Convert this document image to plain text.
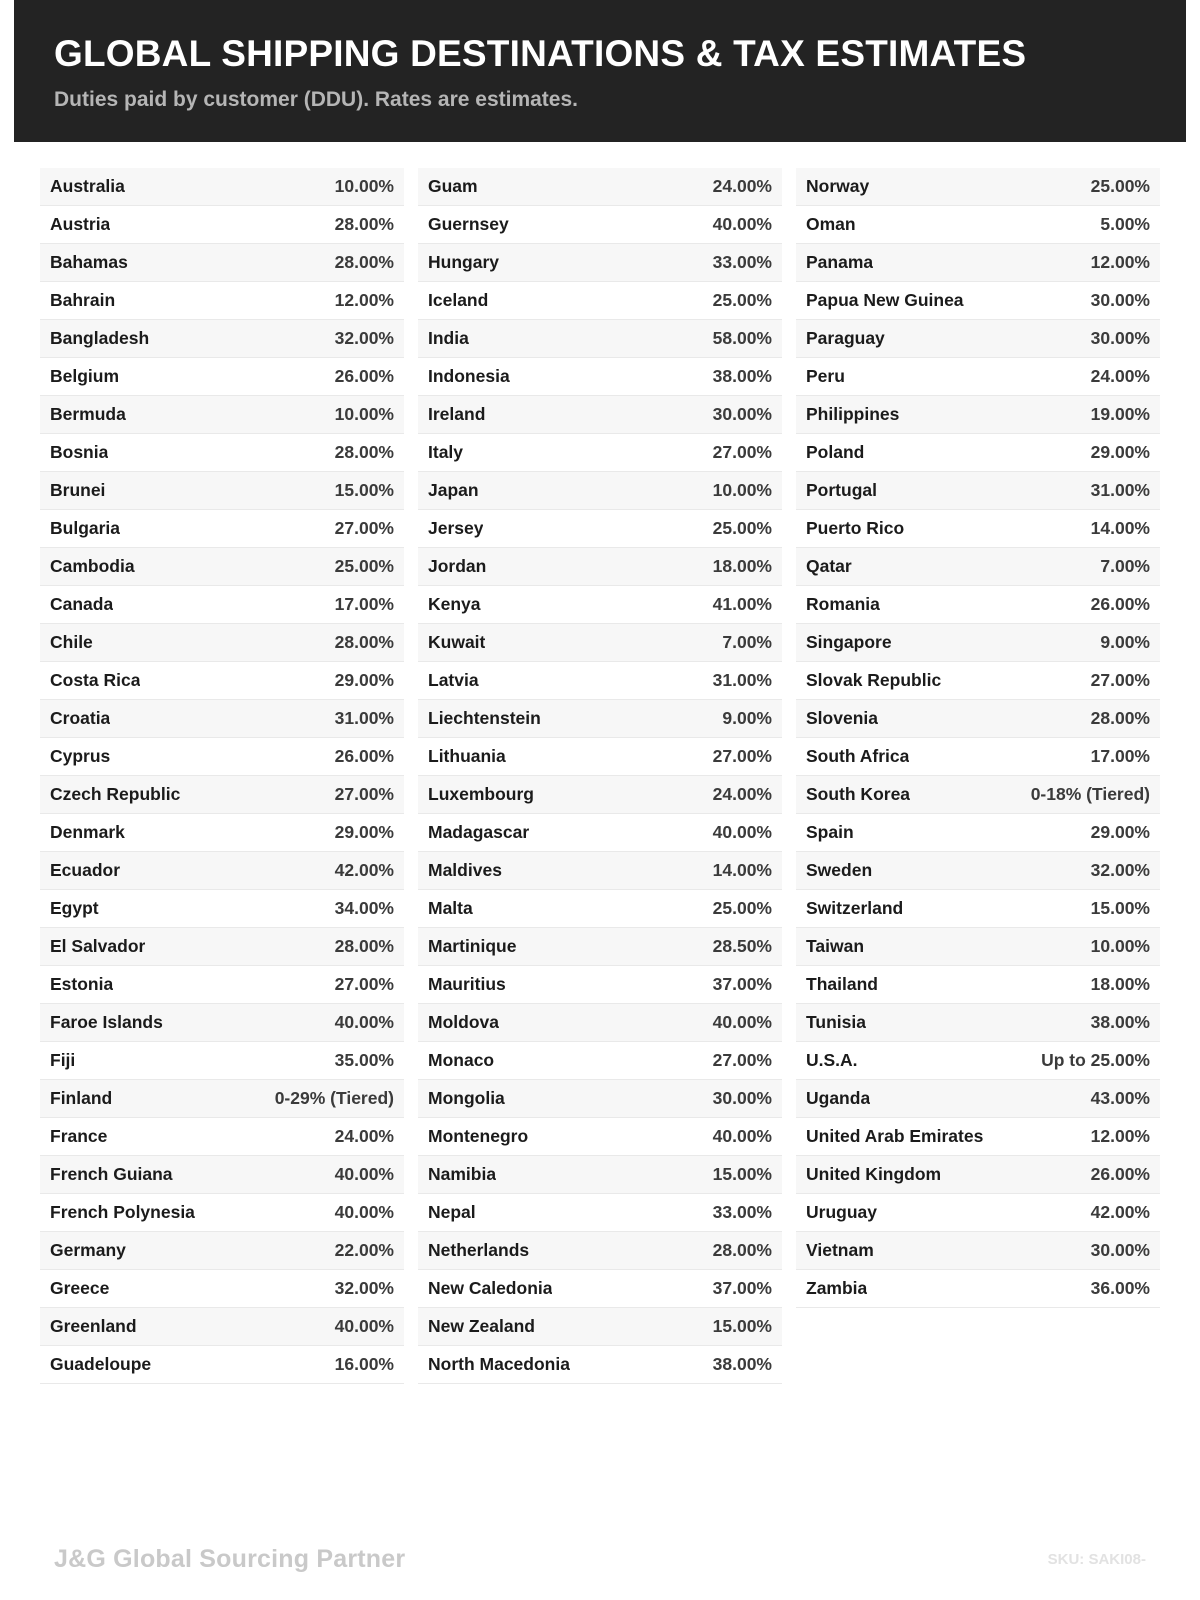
GLOBAL SHIPPING DESTINATIONS & TAX ESTIMATES
Duties paid by customer (DDU). Rates are estimates.
Australia	10.00%
Austria	28.00%
Bahamas	28.00%
Bahrain	12.00%
Bangladesh	32.00%
Belgium	26.00%
Bermuda	10.00%
Bosnia	28.00%
Brunei	15.00%
Bulgaria	27.00%
Cambodia	25.00%
Canada	17.00%
Chile	28.00%
Costa Rica	29.00%
Croatia	31.00%
Cyprus	26.00%
Czech Republic	27.00%
Denmark	29.00%
Ecuador	42.00%
Egypt	34.00%
El Salvador	28.00%
Estonia	27.00%
Faroe Islands	40.00%
Fiji	35.00%
Finland	0-29% (Tiered)
France	24.00%
French Guiana	40.00%
French Polynesia	40.00%
Germany	22.00%
Greece	32.00%
Greenland	40.00%
Guadeloupe	16.00%
Guam	24.00%
Guernsey	40.00%
Hungary	33.00%
Iceland	25.00%
India	58.00%
Indonesia	38.00%
Ireland	30.00%
Italy	27.00%
Japan	10.00%
Jersey	25.00%
Jordan	18.00%
Kenya	41.00%
Kuwait	7.00%
Latvia	31.00%
Liechtenstein	9.00%
Lithuania	27.00%
Luxembourg	24.00%
Madagascar	40.00%
Maldives	14.00%
Malta	25.00%
Martinique	28.50%
Mauritius	37.00%
Moldova	40.00%
Monaco	27.00%
Mongolia	30.00%
Montenegro	40.00%
Namibia	15.00%
Nepal	33.00%
Netherlands	28.00%
New Caledonia	37.00%
New Zealand	15.00%
North Macedonia	38.00%
Norway	25.00%
Oman	5.00%
Panama	12.00%
Papua New Guinea	30.00%
Paraguay	30.00%
Peru	24.00%
Philippines	19.00%
Poland	29.00%
Portugal	31.00%
Puerto Rico	14.00%
Qatar	7.00%
Romania	26.00%
Singapore	9.00%
Slovak Republic	27.00%
Slovenia	28.00%
South Africa	17.00%
South Korea	0-18% (Tiered)
Spain	29.00%
Sweden	32.00%
Switzerland	15.00%
Taiwan	10.00%
Thailand	18.00%
Tunisia	38.00%
U.S.A.	Up to 25.00%
Uganda	43.00%
United Arab Emirates	12.00%
United Kingdom	26.00%
Uruguay	42.00%
Vietnam	30.00%
Zambia	36.00%
J&G Global Sourcing Partner	SKU: SAKI08-
